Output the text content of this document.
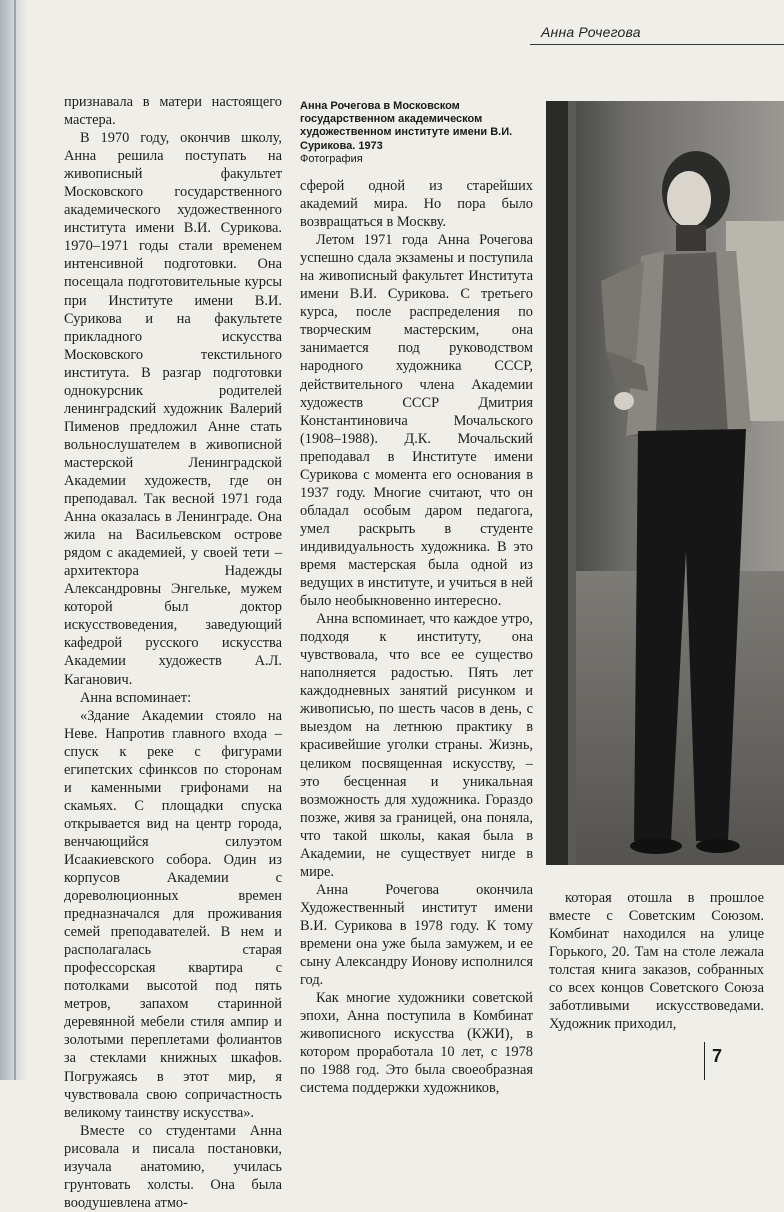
Анна Рочегова

признавала в матери настоящего мастера.

В 1970 году, окончив школу, Анна решила поступать на живописный факультет Московского государственного академического художественного института имени В.И. Сурикова. 1970–1971 годы стали временем интенсивной подготовки. Она посещала подготовительные курсы при Институте имени В.И. Сурикова и на факультете прикладного искусства Московского текстильного института. В разгар подготовки однокурсник родителей ленинградский художник Валерий Пименов предложил Анне стать вольнослушателем в живописной мастерской Ленинградской Академии художеств, где он преподавал. Так весной 1971 года Анна оказалась в Ленинграде. Она жила на Васильевском острове рядом с академией, у своей тети – архитектора Надежды Александровны Энгельке, мужем которой был доктор искусствоведения, заведующий кафедрой русского искусства Академии художеств А.Л. Каганович.

Анна вспоминает:

«Здание Академии стояло на Неве. Напротив главного входа – спуск к реке с фигурами египетских сфинксов по сторонам и каменными грифонами на скамьях. С площадки спуска открывается вид на центр города, венчающийся силуэтом Исаакиевского собора. Один из корпусов Академии с дореволюционных времен предназначался для проживания семей преподавателей. В нем и располагалась старая профессорская квартира с потолками высотой под пять метров, запахом старинной деревянной мебели стиля ампир и золотыми переплетами фолиантов за стеклами книжных шкафов. Погружаясь в этот мир, я чувствовала свою сопричастность великому таинству искусства».

Вместе со студентами Анна рисовала и писала постановки, изучала анатомию, училась грунтовать холсты. Она была воодушевлена атмо-

Анна Рочегова в Московском государственном академическом художественном институте имени В.И. Сурикова. 1973
Фотография

сферой одной из старейших академий мира. Но пора было возвращаться в Москву.

Летом 1971 года Анна Рочегова успешно сдала экзамены и поступила на живописный факультет Института имени В.И. Сурикова. С третьего курса, после распределения по творческим мастерским, она занимается под руководством народного художника СССР, действительного члена Академии художеств СССР Дмитрия Константиновича Мочальского (1908–1988). Д.К. Мочальский преподавал в Институте имени Сурикова с момента его основания в 1937 году. Многие считают, что он обладал особым даром педагога, умел раскрыть в студенте индивидуальность художника. В это время мастерская была одной из ведущих в институте, и учиться в ней было необыкновенно интересно.

Анна вспоминает, что каждое утро, подходя к институту, она чувствовала, что все ее существо наполняется радостью. Пять лет каждодневных занятий рисунком и живописью, по шесть часов в день, с выездом на летнюю практику в красивейшие уголки страны. Жизнь, целиком посвященная искусству, – это бесценная и уникальная возможность для художника. Гораздо позже, живя за границей, она поняла, что такой школы, какая была в Академии, не существует нигде в мире.

Анна Рочегова окончила Художественный институт имени В.И. Сурикова в 1978 году. К тому времени она уже была замужем, и ее сыну Александру Ионову исполнился год.

Как многие художники советской эпохи, Анна поступила в Комбинат живописного искусства (КЖИ), в котором проработала 10 лет, с 1978 по 1988 год. Это была своеобразная система поддержки художников,

которая отошла в прошлое вместе с Советским Союзом. Комбинат находился на улице Горького, 20. Там на столе лежала толстая книга заказов, собранных со всех концов Советского Союза заботливыми искусствоведами. Художник приходил,

7
